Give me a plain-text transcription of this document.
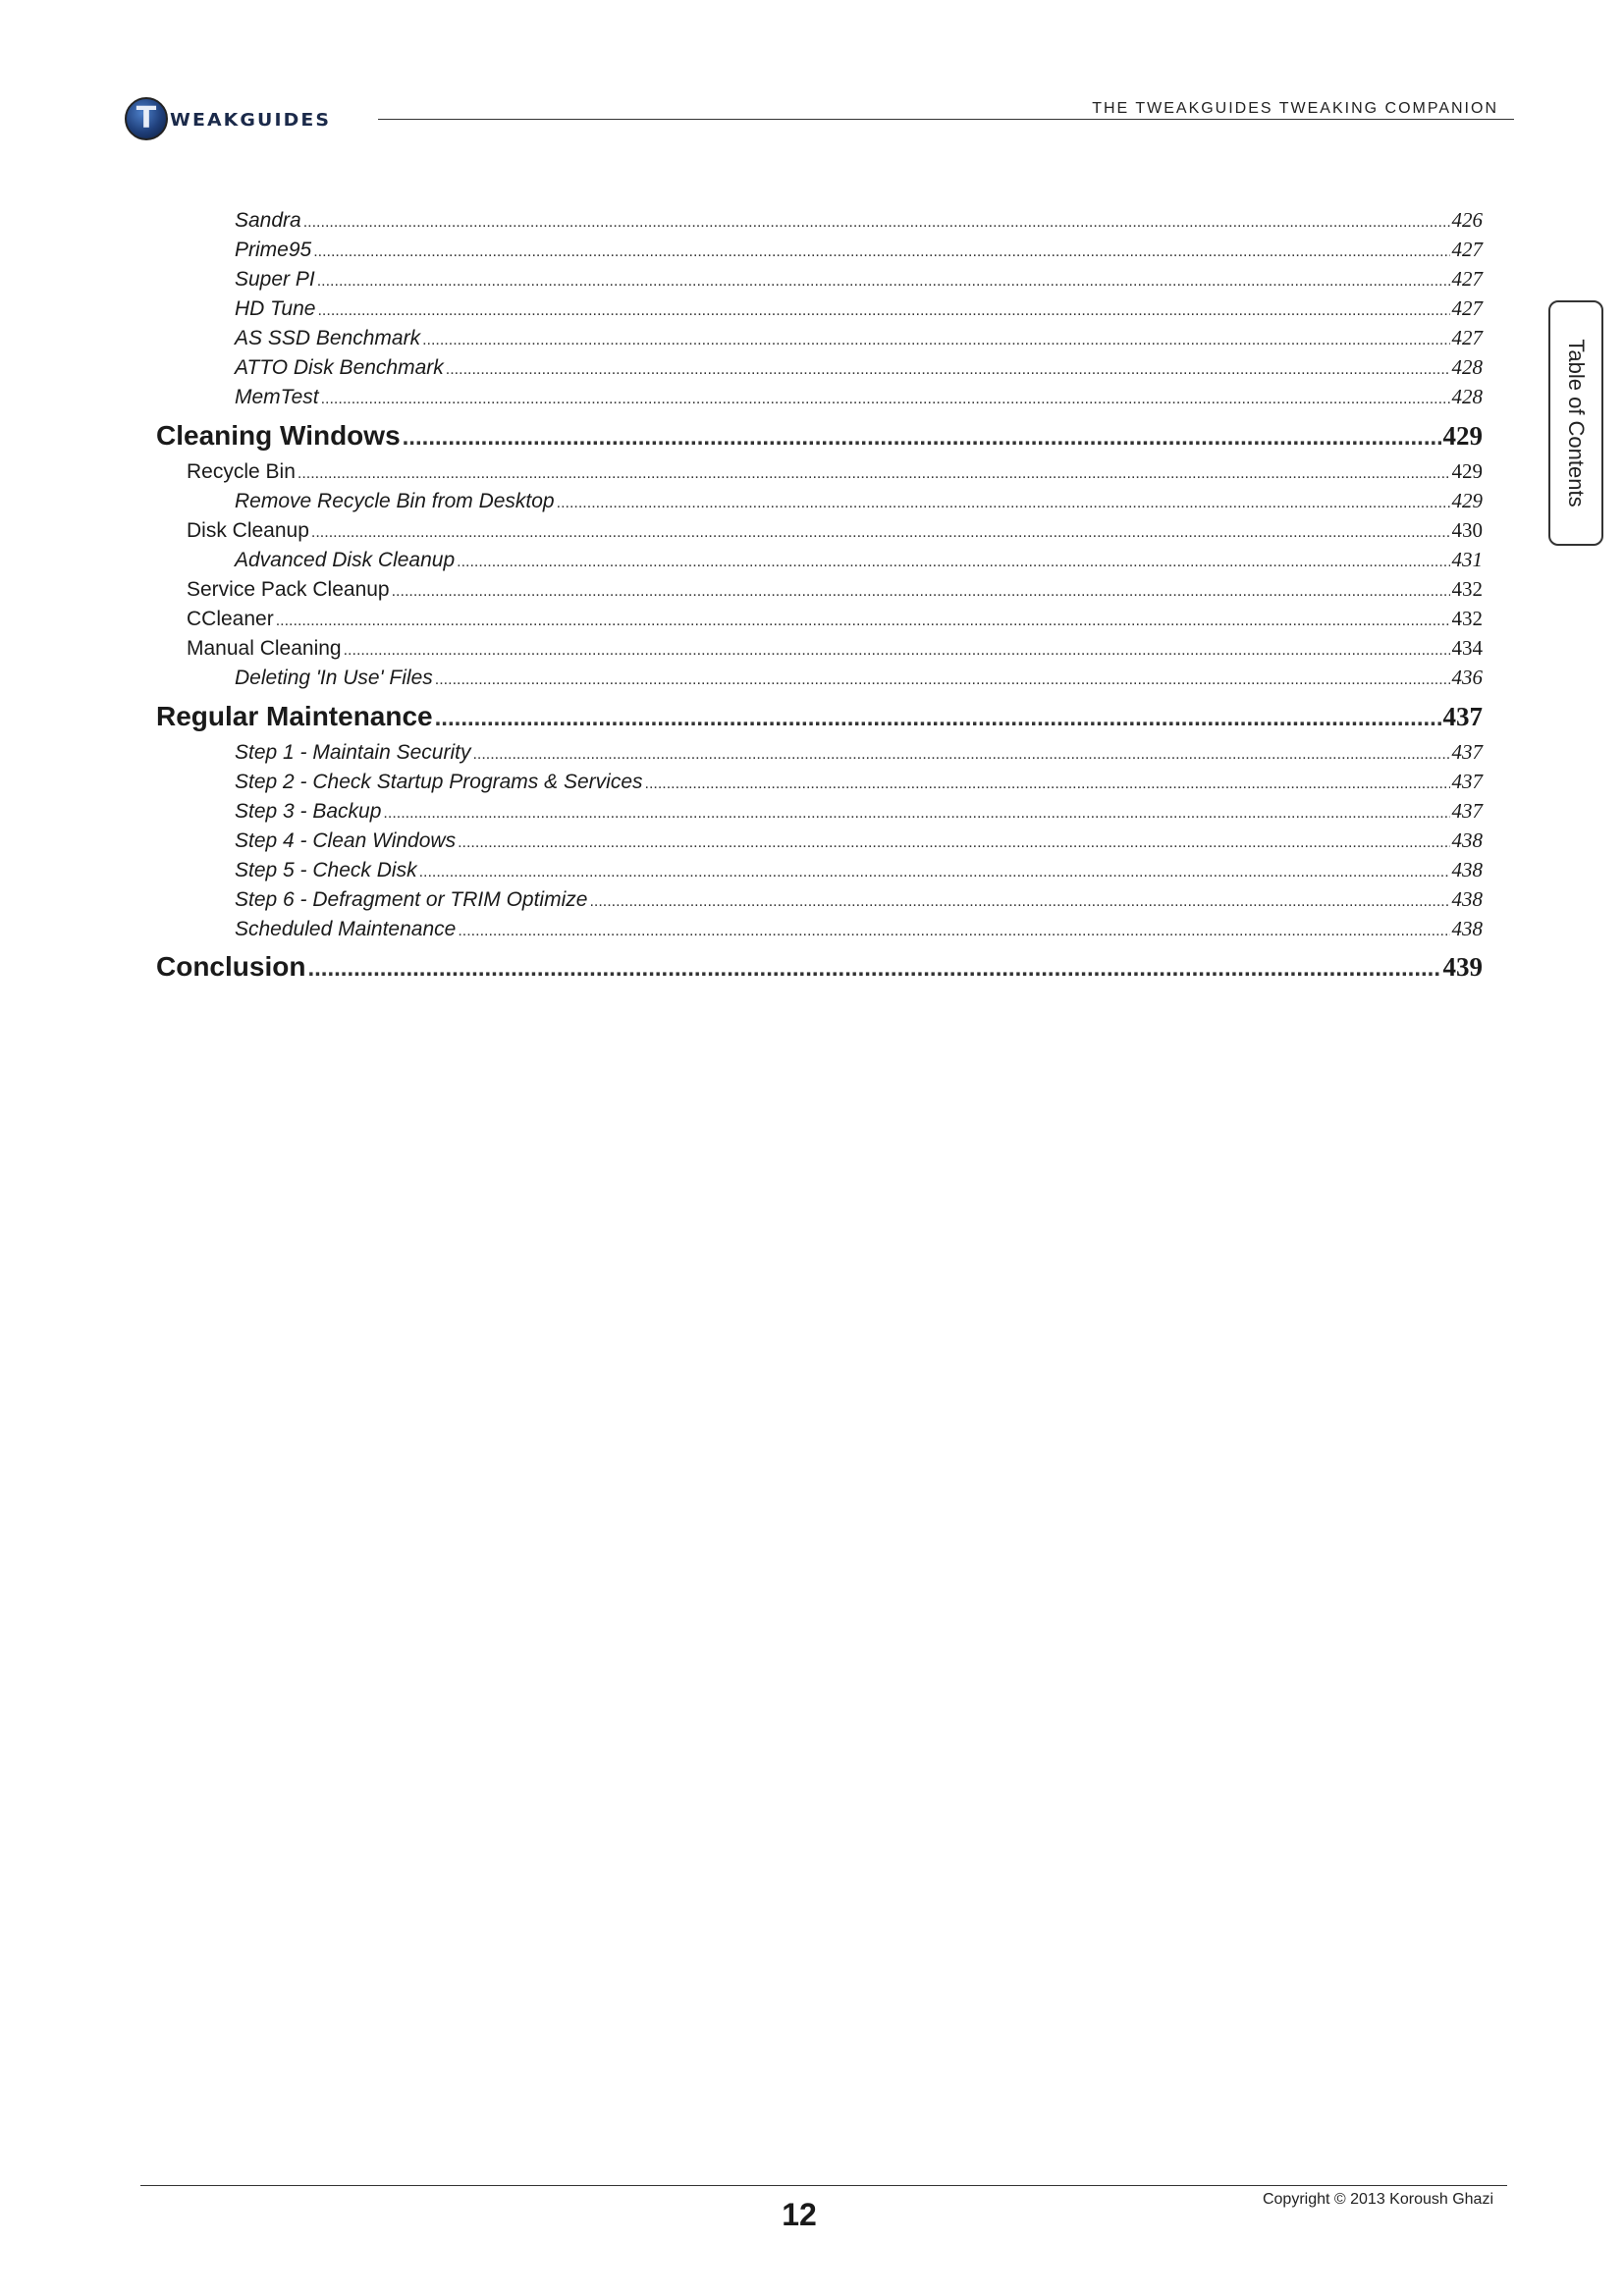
T
WEAKGUIDES
THE TWEAKGUIDES TWEAKING COMPANION
Table of Contents
Sandra .....	426
Prime95 .....	427
Super PI .....	427
HD Tune .....	427
AS SSD Benchmark .....	427
ATTO Disk Benchmark .....	428
MemTest .....	428
Cleaning Windows .....	429
Recycle Bin .....	429
Remove Recycle Bin from Desktop .....	429
Disk Cleanup .....	430
Advanced Disk Cleanup .....	431
Service Pack Cleanup .....	432
CCleaner .....	432
Manual Cleaning .....	434
Deleting 'In Use' Files .....	436
Regular Maintenance .....	437
Step 1 - Maintain Security .....	437
Step 2 - Check Startup Programs & Services .....	437
Step 3 - Backup .....	437
Step 4 - Clean Windows .....	438
Step 5 - Check Disk .....	438
Step 6 - Defragment or TRIM Optimize .....	438
Scheduled Maintenance .....	438
Conclusion .....	439
12	Copyright © 2013 Koroush Ghazi
